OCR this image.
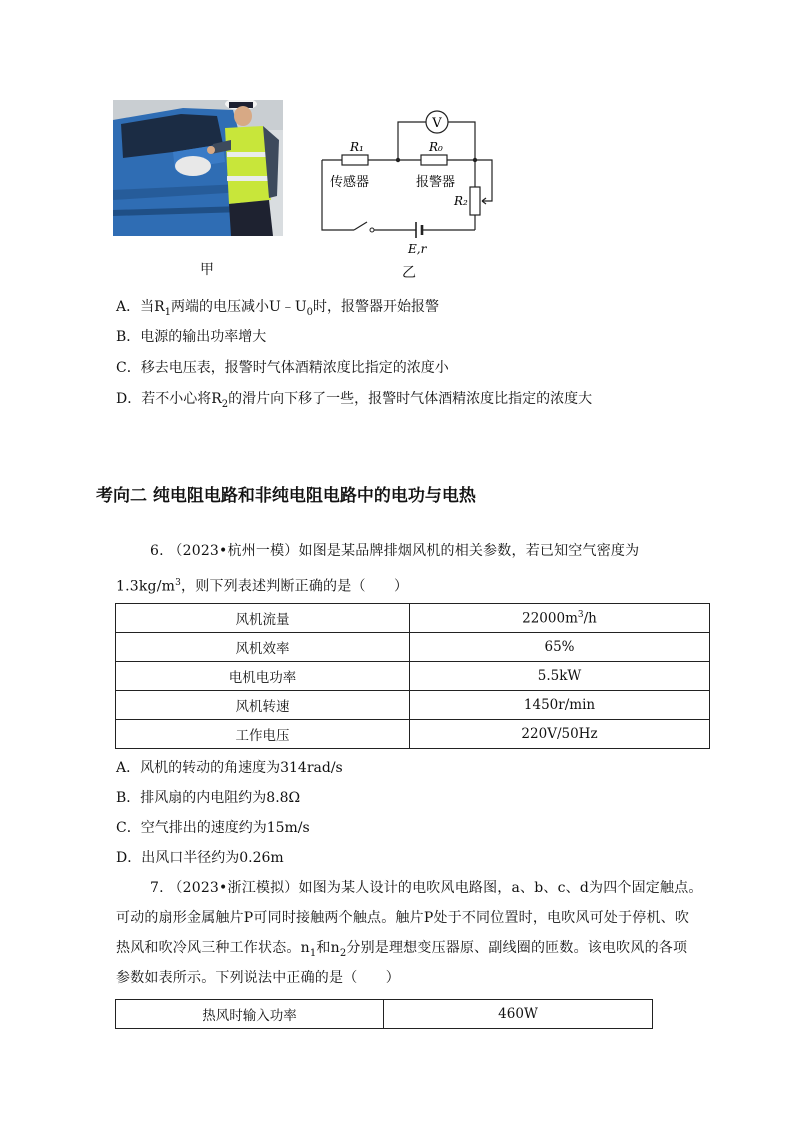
V
R₁	R₀
R₂
传感器	报警器
E,r
甲	乙
A．当$R_1$两端的电压减小$U﹣U_0$时，报警器开始报警
B．电源的输出功率增大
C．移去电压表，报警时气体酒精浓度比指定的浓度小
D．若不小心将$R_2$的滑片向下移了一些，报警时气体酒精浓度比指定的浓度大
考向二 纯电阻电路和非纯电阻电路中的电功与电热
6. （2023•杭州一模）如图是某品牌排烟风机的相关参数，若已知空气密度为
$1.3kg/m^3$，则下列表述判断正确的是（　　）
风机流量	$22000m^3/h$
风机效率	65%
电机电功率	5.5kW
风机转速	1450r/min
工作电压	220V/50Hz
A．风机的转动的角速度为314rad/s
B．排风扇的内电阻约为8.8Ω
C．空气排出的速度约为15m/s
D．出风口半径约为0.26m
7. （2023•浙江模拟）如图为某人设计的电吹风电路图，a、b、c、d为四个固定触点。
可动的扇形金属触片P可同时接触两个触点。触片P处于不同位置时，电吹风可处于停机、吹
热风和吹冷风三种工作状态。$n_1$和$n_2$分别是理想变压器原、副线圈的匝数。该电吹风的各项
参数如表所示。下列说法中正确的是（　　）
热风时输入功率	460W
